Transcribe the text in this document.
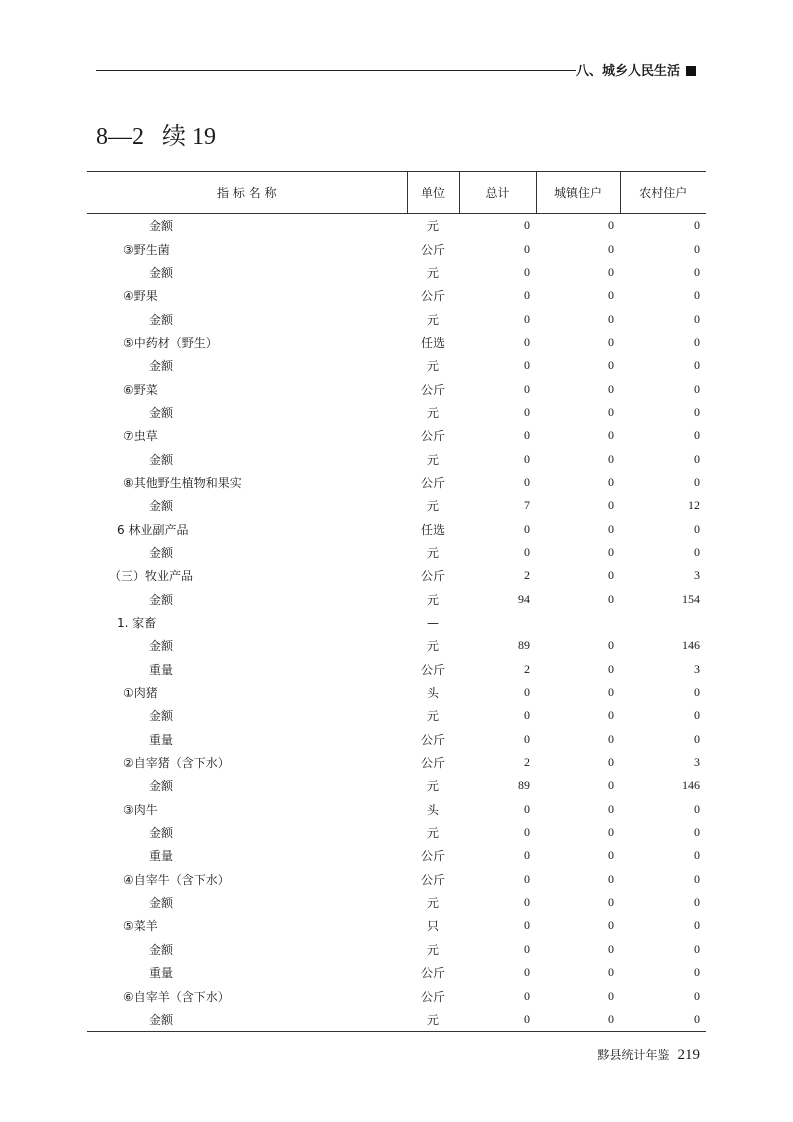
八、城乡人民生活
8—2 续 19
指 标 名 称	单位	总计	城镇住户	农村住户
金额	元	0	0	0
③野生菌	公斤	0	0	0
金额	元	0	0	0
④野果	公斤	0	0	0
金额	元	0	0	0
⑤中药材（野生）	任选	0	0	0
金额	元	0	0	0
⑥野菜	公斤	0	0	0
金额	元	0	0	0
⑦虫草	公斤	0	0	0
金额	元	0	0	0
⑧其他野生植物和果实	公斤	0	0	0
金额	元	7	0	12
6 林业副产品	任选	0	0	0
金额	元	0	0	0
（三）牧业产品	公斤	2	0	3
金额	元	94	0	154
1. 家畜	—			
金额	元	89	0	146
重量	公斤	2	0	3
①肉猪	头	0	0	0
金额	元	0	0	0
重量	公斤	0	0	0
②自宰猪（含下水）	公斤	2	0	3
金额	元	89	0	146
③肉牛	头	0	0	0
金额	元	0	0	0
重量	公斤	0	0	0
④自宰牛（含下水）	公斤	0	0	0
金额	元	0	0	0
⑤菜羊	只	0	0	0
金额	元	0	0	0
重量	公斤	0	0	0
⑥自宰羊（含下水）	公斤	0	0	0
金额	元	0	0	0
黟县统计年鉴 219
